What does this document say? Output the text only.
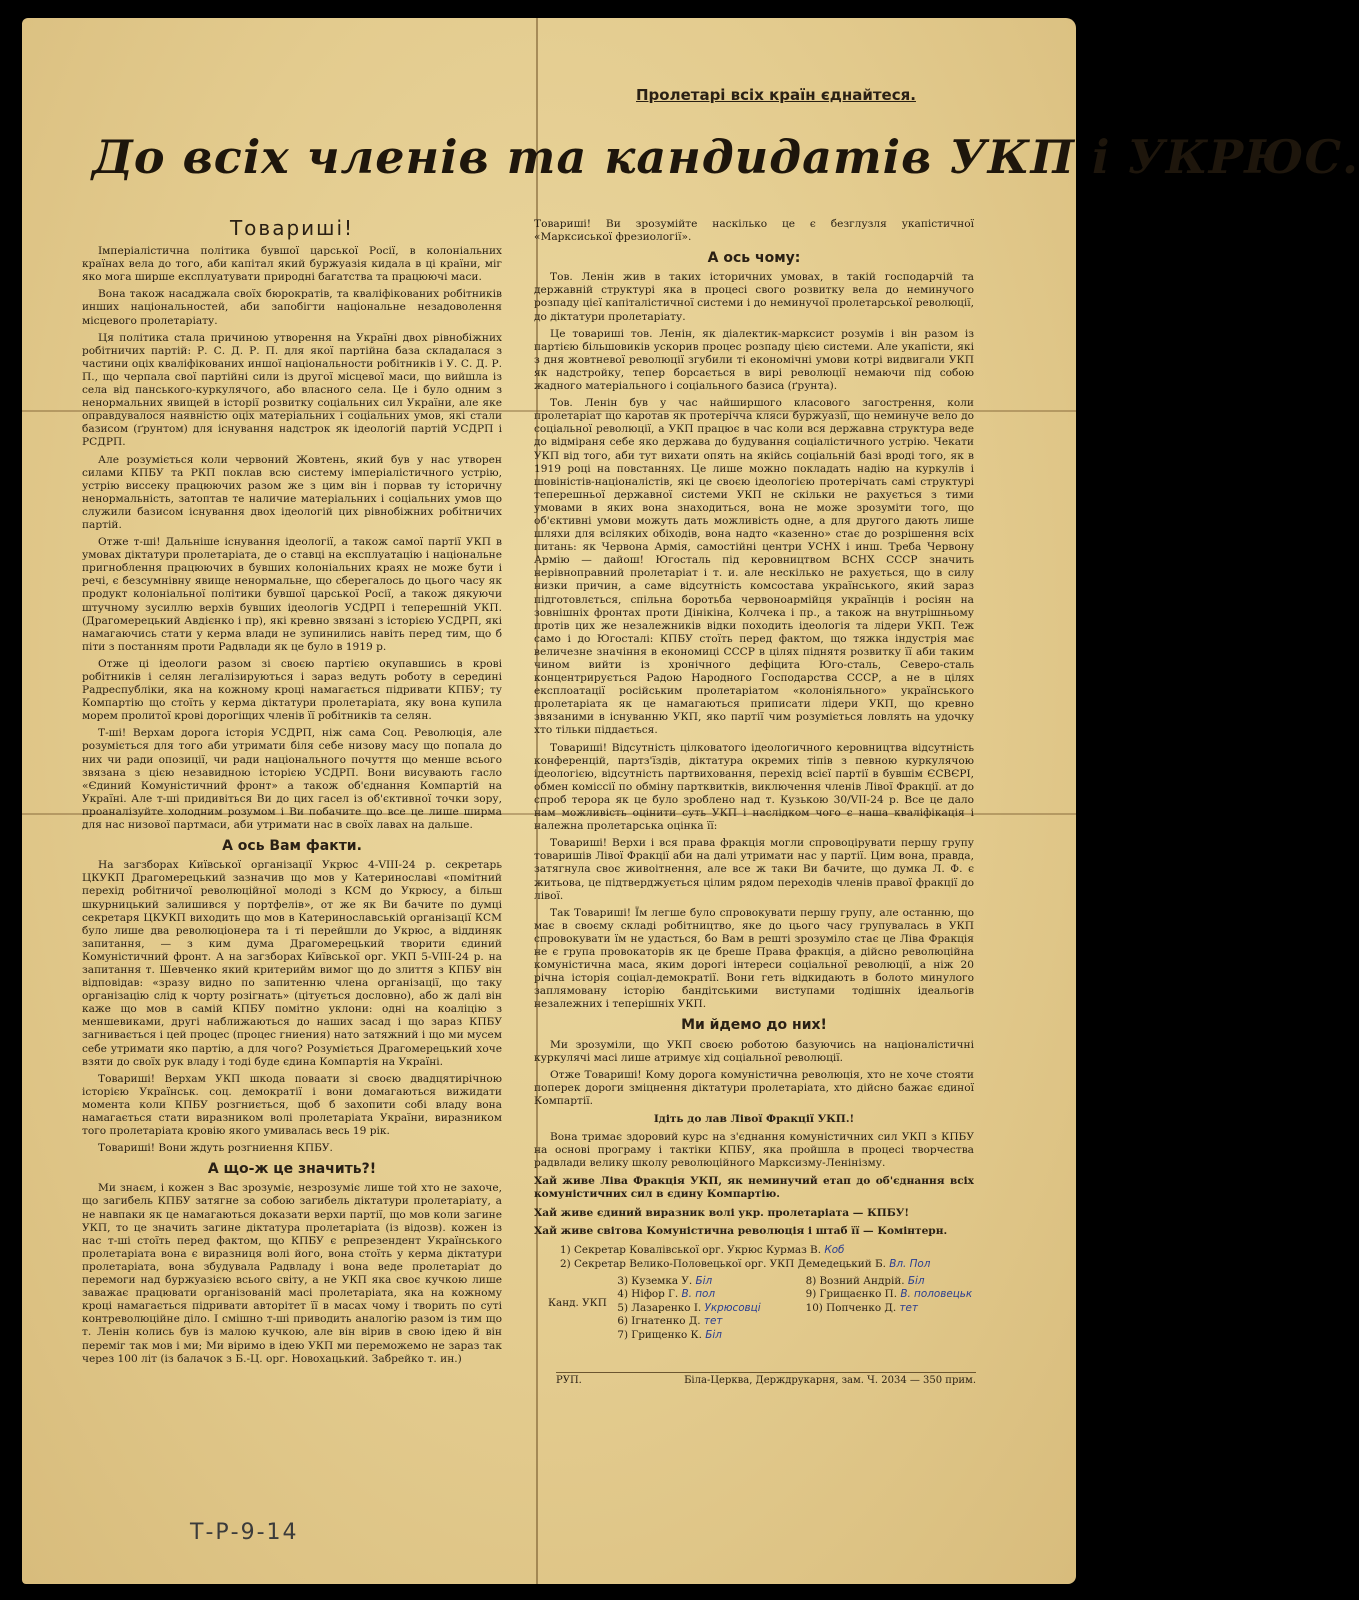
Пролетарі всіх країн єднайтеся.
До всіх членів та кандидатів УКП і УКРЮС.
Товариші!

Імперіалістична політика бувшої царської Росії, в колоніальних країнах вела до того, аби капітал який буржуазія кидала в ці країни, міг яко мога ширше експлуатувати природні багатства та працюючі маси.

Вона також насаджала своїх бюрократів, та кваліфікованих робітників инших національностей, аби запобігти національне незадоволення місцевого пролетаріату.

Ця політика стала причиною утворення на Україні двох рівнобіжних робітничих партій: Р. С. Д. Р. П. для якої партійна база складалася з частини оціх кваліфікованих иншої національности робітників і У. С. Д. Р. П., що черпала свої партійні сили із другої місцевої маси, що вийшла із села від панського-куркулячого, або власного села. Це і було одним з ненормальних явищей в історії розвитку соціальних сил України, але яке оправдувалося наявністю оціх матеріальних і соціальних умов, які стали базисом (ґрунтом) для існування надстрок як ідеологій партій УСДРП і РСДРП.

Але розуміється коли червоний Жовтень, який був у нас утворен силами КПБУ та РКП поклав всю систему імперіалістичного устрію, устрію висceку працюючих разом же з цим він і порвав ту історичну ненормальність, затоптав те наличие матеріальних і соціальних умов що служили базисом існування двох ідеологій цих рівнобіжних робітничих партій.

Отже т-ші! Дальніше існування ідеології, а також самої партії УКП в умовах діктатури пролетаріата, де о ставці на експлуатацію і національне пригноблення працюючих в бувших колоніальних краях не може бути і речі, є безсумнівну явище ненормальне, що сберегалось до цього часу як продукт колоніальної політики бувшої царської Росії, а також дякуючи штучному зусиллю верхів бувших ідеологів УСДРП і теперешній УКП. (Драгомерецький Авдієнко і пр), які кревно звязані з історією УСДРП, які намагаючись стати у керма влади не зупинились навіть перед тим, що б піти з постанням проти Радвлади як це було в 1919 р.

Отже ці ідеологи разом зі своєю партією окупавшись в крові робітників і селян легалізируються і зараз ведуть роботу в середині Радреспубліки, яка на кожному кроці намагається підривати КПБУ; ту Компартію що стоїть у керма діктатури пролетаріата, яку вона купила морем пролитої крові дорогіщих членів її робітників та селян.

Т-ші! Верхам дорога історія УСДРП, ніж сама Соц. Революція, але розуміється для того аби утримати біля себе низову масу що попала до них чи ради опозиції, чи ради національного почуття що менше всього звязана з цією незавидною історією УСДРП. Вони висувають гасло «Єдиний Комуністичний фронт» а також об'єднання Компартій на Україні. Але т-ші придивіться Ви до цих гасел із об'єктивної точки зору, проаналізуйте холодним розумом і Ви побачите що все це лише ширма для нас низової партмаси, аби утримати нас в своїх лавах на дальше.

А ось Вам факти.

На загзборах Київської організації Укрюс 4-VIII-24 р. секретарь ЦКУКП Драгомерецький зазначив що мов у Катеринославі «помітний перехід робітничої революційної молоді з КСМ до Укрюсу, а більш шкурницький залишився у портфелів», от же як Ви бачите по думці секретаря ЦКУКП виходить що мов в Катеринославській організації КСМ було лише два революціонера та і ті перейшли до Укрюс, а віддиняк запитання, — з ким дума Драгомерецький творити єдиний Комуністичний фронт. А на загзборах Київської орг. УКП 5-VIII-24 р. на запитання т. Шевченко який критерийм вимог що до злиття з КПБУ він відповідав: «зразу видно по запитенню члена організації, що таку організацію слід к чорту розігнать» (цітується дословно), або ж далі він каже що мов в самій КПБУ помітно уклони: одні на коаліцію з меншевиками, другі наближаються до наших засад і що зараз КПБУ загнивається і цей процес (процес гниения) нато затяжний і що ми мусем себе утримати яко партію, а для чого? Розуміється Драгомерецький хоче взяти до своїх рук владу і тоді буде єдина Компартія на Україні.

Товариші! Верхам УКП шкода поваати зі своєю двадцятирічною історією Українськ. соц. демократії і вони домагаються вижидати момента коли КПБУ розгниється, щоб б захопити собі владу вона намагається стати виразником волі пролетаріата України, виразником того пролетаріата кровію якого умивалась весь 19 рік.

Товариші! Вони ждуть розгниення КПБУ.

А що-ж це значить?!

Ми знаєм, і кожен з Вас зрозуміє, незрозуміє лише той хто не захоче, що загибель КПБУ затягне за собою загибель діктатури пролетаріату, а не навпаки як це намагаються доказати верхи партії, що мов коли загине УКП, то це значить загине діктатура пролетаріата (із відозв). кожен із нас т-ші стоїть перед фактом, що КПБУ є репрезендент Українського пролетаріата вона є виразниця волі його, вона стоїть у керма діктатури пролетаріата, вона збудувала Радвладу і вона веде пролетаріат до перемоги над буржуазією всього світу, а не УКП яка своє кучкою лише заважає працювати організованій масі пролетаріата, яка на кожному кроці намагається підривати авторітет її в масах чому і творить по суті контреволюційне діло. І смішно т-ші приводить аналогію разом із тим що т. Ленін колись був із малою кучкою, але він вірив в свою ідею й він переміг так мов і ми; Ми віримо в ідею УКП ми переможемо не зараз так через 100 літ (із балачок з Б.-Ц. орг. Новохацький. Забрейко т. ин.)

Товариші! Ви зрозумійте наскілько це є безглузля укапістичної «Марксиської фрезиології».

А ось чому:

Тов. Ленін жив в таких історичних умовах, в такій господарчій та державній структурі яка в процесі свого розвитку вела до неминучого розпаду цієї капіталістичної системи і до неминучої пролетарської революції, до діктатури пролетаріату.

Це товариші тов. Ленін, як діалектик-марксист розумів і він разом із партією більшовиків ускорив процес розпаду цією системи. Але укапісти, які з дня жовтневої революції згубили ті економічні умови котрі видвигали УКП як надстройку, тепер борсається в вирі революції немаючи під собою жадного матеріального і соціального базиса (ґрунта).

Тов. Ленін був у час найширшого класового загострення, коли пролетаріат що каротав як протерічча кляси буржуазії, що неминуче вело до соціальної революції, а УКП працює в час коли вся державна структура веде до відміраня себе яко держава до будування соціалістичного устрію. Чекати УКП від того, аби тут вихати опять на якійсь соціальній базі вроді того, як в 1919 році на повстаннях. Це лише можно покладать надію на куркулів і шовіністів-націоналістів, які це своєю ідеологією протерічать самі структурі теперешньої державної системи УКП не скільки не рахується з тими умовами в яких вона знаходиться, вона не може зрозуміти того, що об'єктивні умови можуть дать можливість одне, а для другого дають лише шляхи для всіляких обіходів, вона надто «казенно» стає до розрішення всіх питань: як Червона Армія, самостійні центри УСНХ і инш. Треба Червону Армію — дайош! Югосталь під керовництвом ВСНХ СССР значить нерівноправний пролетаріат і т. и. але нескілько не рахується, що в силу низки причин, а саме відсутність комсостава українського, який зараз підготовлється, спільна боротьба червоноармійця українців і росіян на зовнішніх фронтах проти Дінікіна, Колчека і пр., а також на внутрішньому протів цих же незалежників відки походить ідеологія та лідери УКП. Теж само і до Югосталі: КПБУ стоїть перед фактом, що тяжка індустрія має величезне значіння в економиці СССР в цілях піднятя розвитку її аби таким чином вийти із хронічного дефіцита Юго-сталь, Северо-сталь концентрирується Радою Народного Господарства СССР, а не в цілях експлоатації російським пролетаріатом «колоніяльного» українського пролетаріата як це намагаються приписати лідери УКП, що кревно звязаними в існуванню УКП, яко партії чим розуміється ловлять на удочку хто тільки піддається.

Товариші! Відсутність цілковатого ідеологичного керовництва відсутність конференцій, партз'їздів, діктатура окремих тіпів з певною куркулячою ідеологією, відсутність партвиховання, перехід всієї партії в бувшім ЄСВЄРІ, обмен коміссії по обміну партквитків, виключення членів Лівої Фракції. ат до спроб терора як це було зроблено над т. Кузькою 30/VII-24 р. Все це дало нам можливість оцінити суть УКП і наслідком чого є наша кваліфікація і належна пролетарська оцінка її:

Товариші! Верхи і вся права фракція могли спровоцірувати першу групу товаришів Лівої Фракції аби на далі утримати нас у партії. Цим вона, правда, затягнула своє живоітнення, але все ж таки Ви бачите, що думка Л. Ф. є житьова, це підтверджується цілим рядом переходів членів правої фракції до лівої.

Так Товариші! Їм легше було спровокувати першу групу, але останню, що має в своєму складі робітництво, яке до цього часу групувалась в УКП спровокувати їм не удасться, бо Вам в решті зрозуміло стає це Ліва Фракція не є група провокаторів як це бреше Права фракція, а дійсно революційна комуністична маса, яким дорогі інтереси соціальної революції, а ніж 20 річна історія соціал-демократії. Вони геть відкидають в болото минулого заплямовану історію бандітськими виступами тодішніх ідеальогів незалежних і теперішніх УКП.

Ми йдемо до них!

Ми зрозуміли, що УКП своєю роботою базуючись на націоналістичні куркулячі масі лише атримує хід соціальної революції.

Отже Товариші! Кому дорога комуністична революція, хто не хоче стояти поперек дороги зміцнення діктатури пролетаріата, хто дійсно бажає єдиної Компартії.

Ідіть до лав Лівої Фракції УКП.!

Вона тримає здоровий курс на з'єднання комуністичних сил УКП з КПБУ на основі програму і тактіки КПБУ, яка пройшла в процесі творчества радвлади велику школу революційного Марксизму-Ленінізму.

Хай живе Ліва Фракція УКП, як неминучий етап до об'єднання всіх комуністичних сил в єдину Компартію.

Хай живе єдиний виразник волі укр. пролетаріата — КПБУ!

Хай живе світова Комуністична революція і штаб її — Комінтерн.

1) Секретар Ковалівської орг. Укрюс Курмаз В. Коб
2) Секретар Велико-Половецької орг. УКП Демедецький Б. Вл. Пол
Канд. УКП
3) Куземка У. Біл
4) Ніфор Г. В. пол
5) Лазаренко І. Укрюсовці
6) Ігнатенко Д. тет
7) Грищенко К. Біл
8) Возний Андрій. Біл
9) Грищаєнко П. В. половецьк
10) Попченко Д. тет
РУП.	Біла-Церква, Держдрукарня, зам. Ч. 2034 — 350 прим.
Т-Р-9-14
